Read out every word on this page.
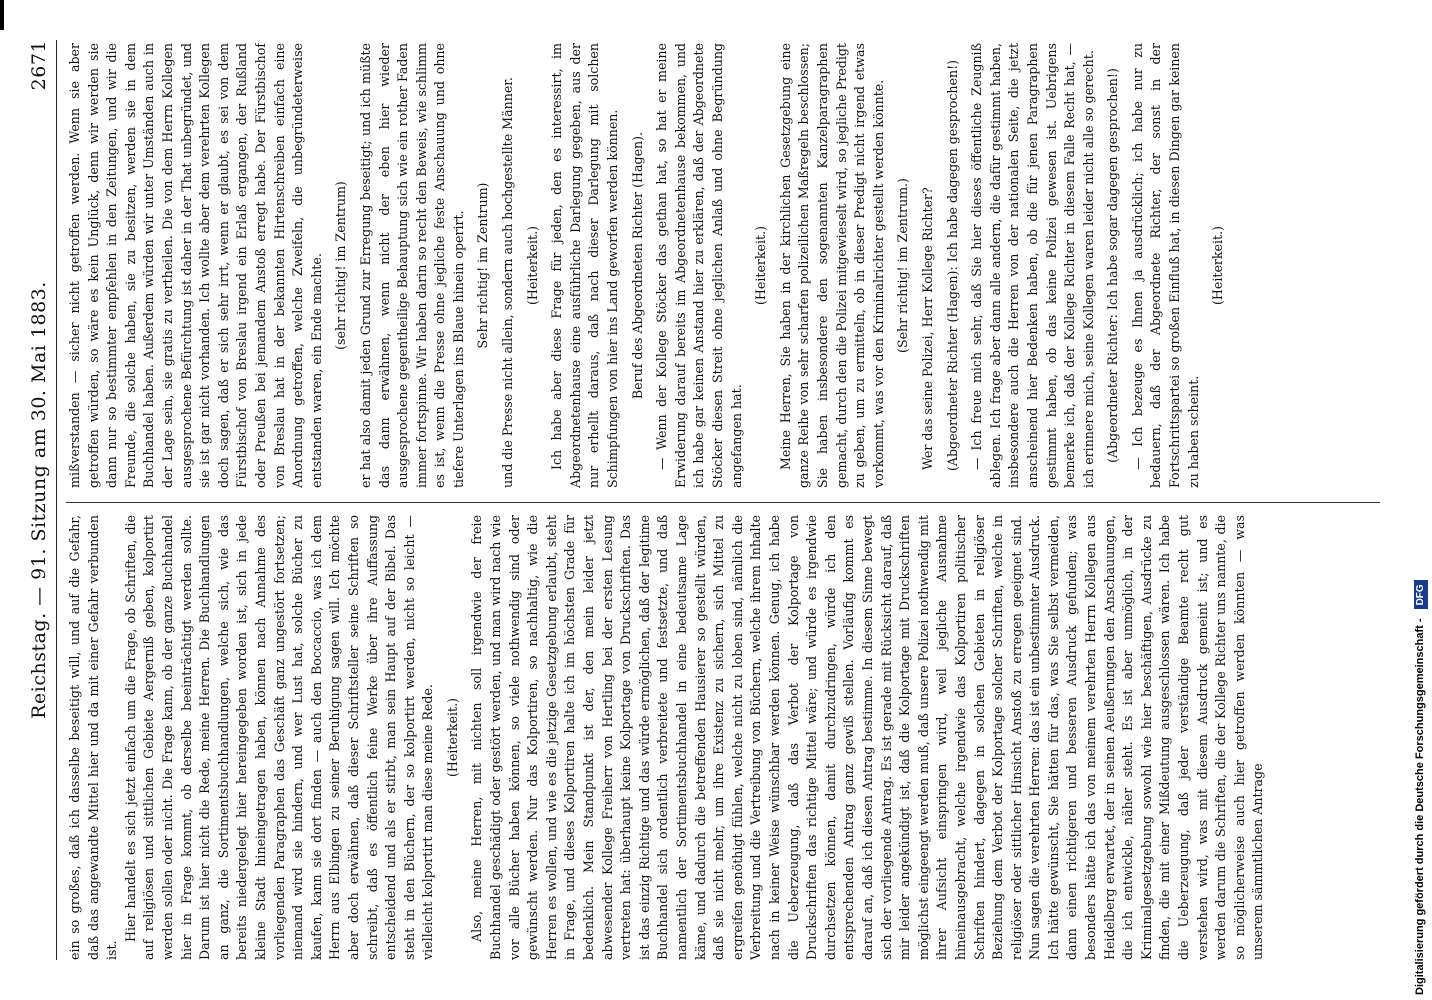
Reichstag. — 91. Sitzung am 30. Mai 1883.
2671

ein so großes, daß ich dasselbe beseitigt will, und auf die Gefahr, daß das angewandte Mittel hier und da mit einer Gefahr verbunden ist.

Hier handelt es sich jetzt einfach um die Frage, ob Schriften, die auf religiösen und sittlichen Gebiete Aergerniß geben, kolportirt werden sollen oder nicht. Die Frage kann, ob der ganze Buchhandel hier in Frage kommt, ob derselbe beeinträchtigt werden sollte. Darum ist hier nicht die Rede, meine Herren. Die Buchhandlungen an ganz, die Sortimentsbuchhandlungen, welche sich, wie das bereits niedergelegt hier hereingegeben worden ist, sich in jede kleine Stadt hineingetragen haben, können nach Annahme des vorliegenden Paragraphen das Geschäft ganz ungestört fortsetzen; niemand wird sie hindern, und wer Lust hat, solche Bücher zu kaufen, kann sie dort finden — auch den Boccaccio, was ich dem Herrn aus Elbingen zu seiner Beruhigung sagen will. Ich möchte aber doch erwähnen, daß dieser Schriftsteller seine Schriften so schreibt, daß es öffentlich feine Werke über ihre Auffassung entscheidend und als er stirbt, man sein Haupt auf der Bibel. Das steht in den Büchern, der so kolportirt werden, nicht so leicht — vielleicht kolportirt man diese meine Rede. (Heiterkeit.) Also, meine Herren, mit nichten soll irgendwie der freie Buchhandel geschädigt oder gestört werden, und man wird nach wie vor alle Bücher haben können, so viele nothwendig sind oder gewünscht werden. Nur das Kolportiren, so nachhaltig, wie die Herren es wollen, und wie es die jetzige Gesetzgebung erlaubt, steht in Frage, und dieses Kolportiren halte ich im höchsten Grade für bedenklich. Mein Standpunkt ist der, den mein leider jetzt abwesender Kollege Freiherr von Hertling bei der ersten Lesung vertreten hat: überhaupt keine Kolportage von Druckschriften. Das ist das einzig Richtige und das würde ermöglichen, daß der legitime Buchhandel sich ordentlich verbreitete und festsetzte, und daß namentlich der Sortimentsbuchhandel in eine bedeutsame Lage käme, und dadurch die betreffenden Hausierer so gestellt würden, daß sie nicht mehr, um ihre Existenz zu sichern, sich Mittel zu ergreifen genöthigt fühlen, welche nicht zu loben sind, nämlich die Verbreitung und die Vertreibung von Büchern, welche ihrem Inhalte nach in keiner Weise wünschbar werden können. Genug, ich habe die Ueberzeugung, daß das Verbot der Kolportage von Druckschriften das richtige Mittel wäre; und würde es irgendwie durchsetzen können, damit durchzudringen, würde ich den entsprechenden Antrag ganz gewiß stellen. Vorläufig kommt es darauf an, daß ich diesen Antrag bestimme. In diesem Sinne bewegt sich der vorliegende Antrag. Es ist gerade mit Rücksicht darauf, daß mir leider angekündigt ist, daß die Kolportage mit Druckschriften möglichst eingeengt werden muß, daß unsere Polizei nothwendig mit ihrer Aufsicht einspringen wird, weil jegliche Ausnahme hineinausgebracht, welche irgendwie das Kolportiren politischer Schriften hindert, dagegen in solchen Gebieten in religiöser Beziehung dem Verbot der Kolportage solcher Schriften, welche in religiöser oder sittlicher Hinsicht Anstoß zu erregen geeignet sind. Nun sagen die verehrten Herren: das ist ein unbestimmter Ausdruck. Ich hätte gewünscht, Sie hätten für das, was Sie selbst vermeiden, dann einen richtigeren und besseren Ausdruck gefunden; was besonders hätte ich das von meinem verehrten Herrn Kollegen aus Heidelberg erwartet, der in seinen Aeußerungen den Anschauungen, die ich entwickle, näher steht. Es ist aber unmöglich, in der Kriminalgesetzgebung sowohl wie hier beschäftigen, Ausdrücke zu finden, die mit einer Mißdeutung ausgeschlossen wären. Ich habe die Ueberzeugung, daß jeder verständige Beamte recht gut verstehen wird, was mit diesem Ausdruck gemeint ist; und es werden darum die Schriften, die der Kollege Richter uns nannte, die so möglicherweise auch hier getroffen werden könnten — was unserem sämmtlichen Antrage

mißverstanden — sicher nicht getroffen werden. Wenn sie aber getroffen würden, so wäre es kein Unglück, denn wir werden sie dann nur so bestimmter empfehlen in den Zeitungen, und wir die Freunde, die solche haben, sie zu besitzen, werden sie in dem Buchhandel haben. Außerdem würden wir unter Umständen auch in der Lage sein, sie gratis zu vertheilen. Die von dem Herrn Kollegen ausgesprochene Befürchtung ist daher in der That unbegründet, und sie ist gar nicht vorhanden. Ich wollte aber dem verehrten Kollegen doch sagen, daß er sich sehr irrt, wenn er glaubt, es sei von dem Fürstbischof von Breslau irgend ein Erlaß ergangen, der Rußland oder Preußen bei jemandem Anstoß erregt habe. Der Fürstbischof von Breslau hat in der bekannten Hirtenschreiben einfach eine Anordnung getroffen, welche Zweifeln, die unbegründeterweise entstanden waren, ein Ende machte. (sehr richtig! im Zentrum) er hat also damit jeden Grund zur Erregung beseitigt; und ich müßte das dann erwähnen, wenn nicht der eben hier wieder ausgesprochene gegentheilige Behauptung sich wie ein rother Faden immer fortspinne. Wir haben darin so recht den Beweis, wie schlimm es ist, wenn die Presse ohne jegliche feste Anschauung und ohne tiefere Unterlagen ins Blaue hinein operirt. Sehr richtig! im Zentrum) und die Presse nicht allein, sondern auch hochgestellte Männer. (Heiterkeit.) Ich habe aber diese Frage für jeden, den es interessirt, im Abgeordnetenhause eine ausführliche Darlegung gegeben, aus der nur erhellt daraus, daß nach dieser Darlegung mit solchen Schimpfungen von hier ins Land geworfen werden können. Beruf des Abgeordneten Richter (Hagen). — Wenn der Kollege Stöcker das gethan hat, so hat er meine Erwiderung darauf bereits im Abgeordnetenhause bekommen, und ich habe gar keinen Anstand hier zu erklären, daß der Abgeordnete Stöcker diesen Streit ohne jeglichen Anlaß und ohne Begründung angefangen hat.

(Heiterkeit.) Meine Herren, Sie haben in der kirchlichen Gesetzgebung eine ganze Reihe von sehr scharfen polizeilichen Maßregeln beschlossen; Sie haben insbesondere den sogenannten Kanzelparagraphen gemacht, durch den die Polizei mitgewieselt wird, so jegliche Predigt zu geben, um zu ermitteln, ob in dieser Predigt nicht irgend etwas vorkommt, was vor den Kriminalrichter gestellt werden könnte. (Sehr richtig! im Zentrum.) Wer das seine Polizei, Herr Kollege Richter? (Abgeordneter Richter (Hagen): Ich habe dagegen gesprochen!) — Ich freue mich sehr, daß Sie hier dieses öffentliche Zeugniß ablegen. Ich frage aber dann alle andern, die dafür gestimmt haben, insbesondere auch die Herren von der nationalen Seite, die jetzt anscheinend hier Bedenken haben, ob die für jenen Paragraphen gestimmt haben, ob das keine Polizei gewesen ist. Uebrigens bemerke ich, daß der Kollege Richter in diesem Falle Recht hat, — ich erinnere mich, seine Kollegen waren leider nicht alle so gerecht. (Abgeordneter Richter: Ich habe sogar dagegen gesprochen!) — Ich bezeuge es Ihnen ja ausdrücklich; ich habe nur zu bedauern, daß der Abgeordnete Richter, der sonst in der Fortschrittspartei so großen Einfluß hat, in diesen Dingen gar keinen zu haben scheint.

(Heiterkeit.)

Digitalisierung gefördert durch die Deutsche Forschungsgemeinschaft - DFG
